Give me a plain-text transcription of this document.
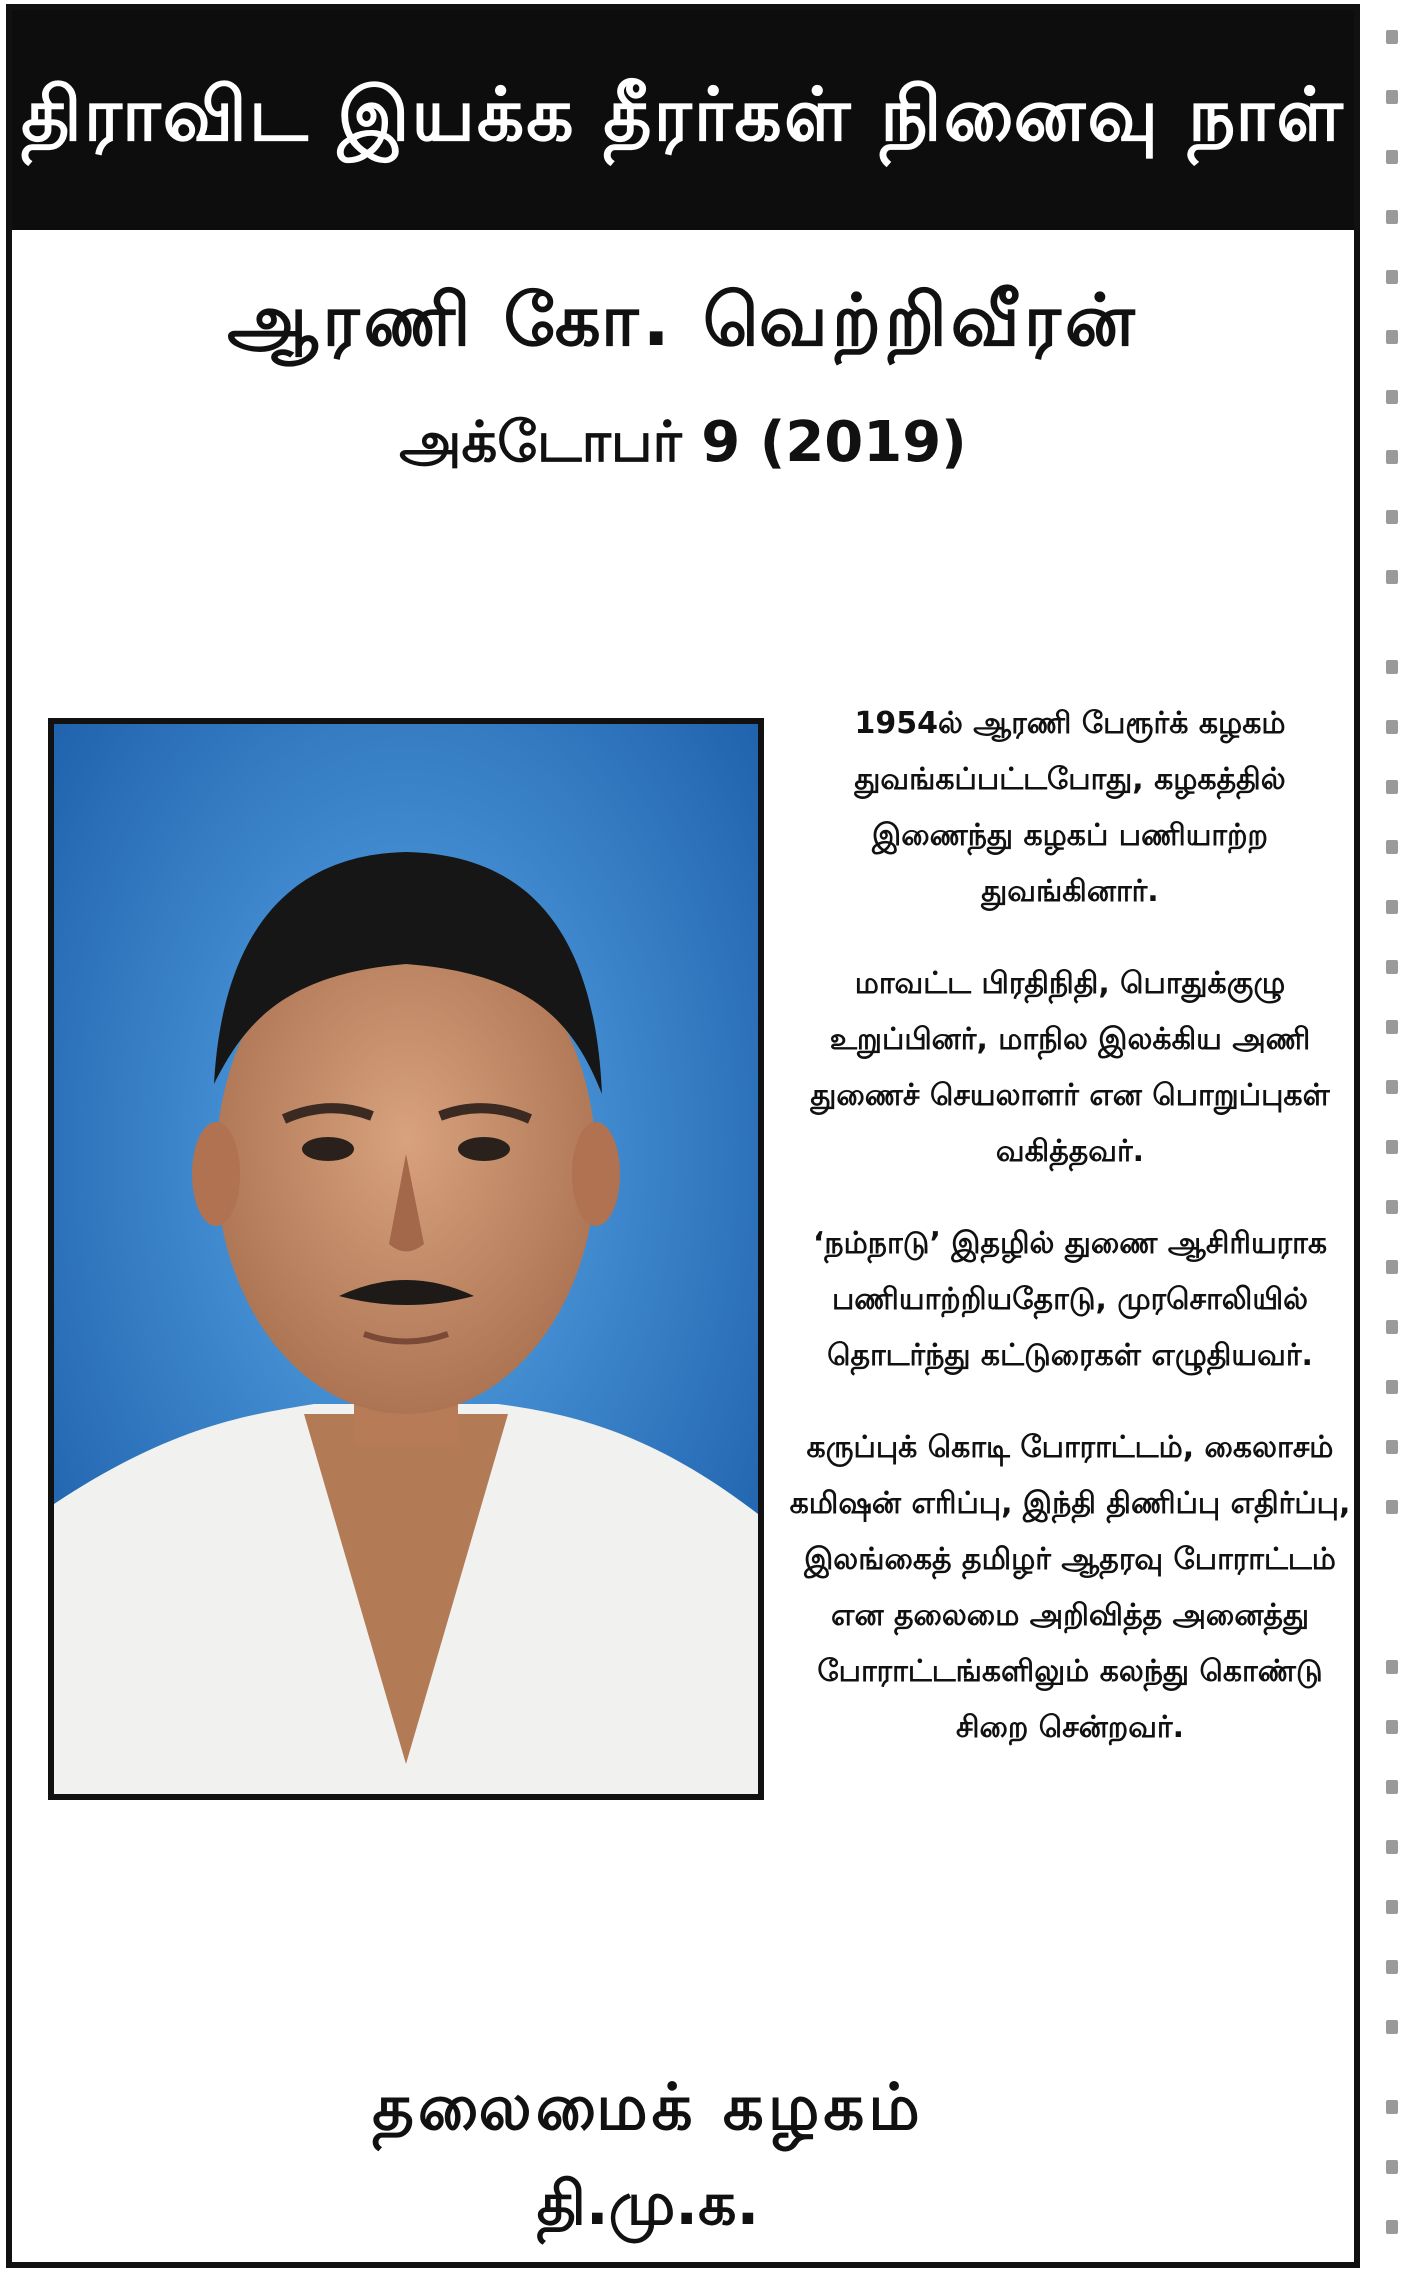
திராவிட இயக்க தீரர்கள் நினைவு நாள்
ஆரணி கோ. வெற்றிவீரன்
அக்டோபர் 9 (2019)

1954ல் ஆரணி பேரூர்க் கழகம் துவங்கப்பட்டபோது, கழகத்தில் இணைந்து கழகப் பணியாற்ற துவங்கினார்.

மாவட்ட பிரதிநிதி, பொதுக்குழு உறுப்பினர், மாநில இலக்கிய அணி துணைச் செயலாளர் என பொறுப்புகள் வகித்தவர்.

‘நம்நாடு’ இதழில் துணை ஆசிரியராக பணியாற்றியதோடு, முரசொலியில் தொடர்ந்து கட்டுரைகள் எழுதியவர்.

கருப்புக் கொடி போராட்டம், கைலாசம் கமிஷன் எரிப்பு, இந்தி திணிப்பு எதிர்ப்பு, இலங்கைத் தமிழர் ஆதரவு போராட்டம் என தலைமை அறிவித்த அனைத்து போராட்டங்களிலும் கலந்து கொண்டு சிறை சென்றவர்.

தலைமைக் கழகம்
தி.மு.க.
